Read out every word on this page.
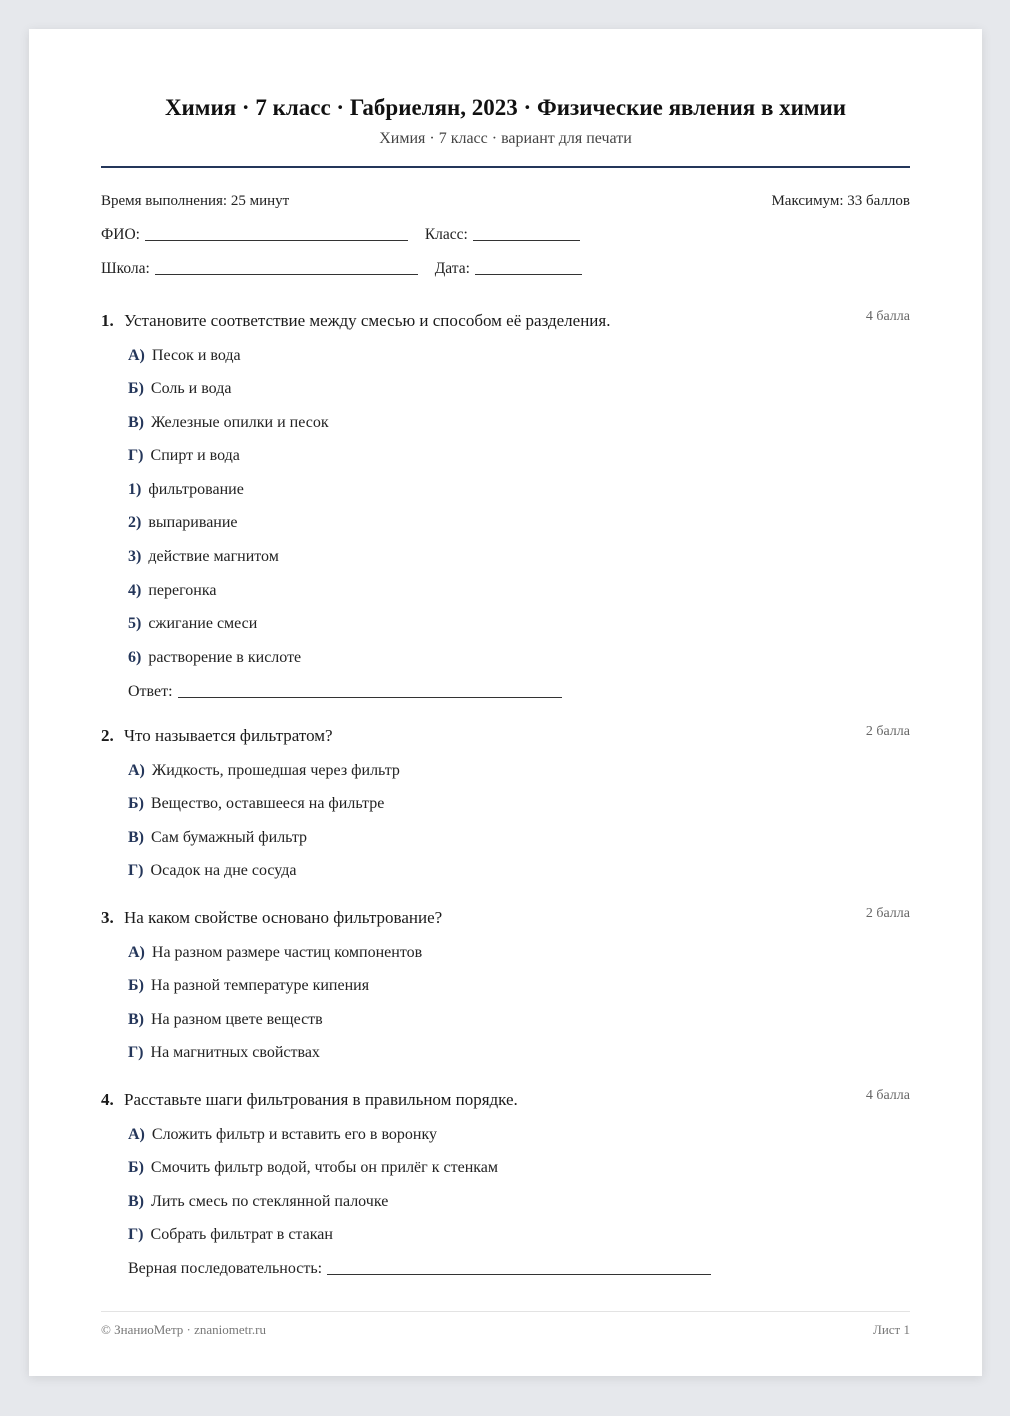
Химия · 7 класс · Габриелян, 2023 · Физические явления в химии
Химия · 7 класс · вариант для печати
Время выполнения: 25 минут	Максимум: 33 баллов
ФИО:	Класс:
Школа:	Дата:
1. Установите соответствие между смесью и способом её разделения.	4 балла
А) Песок и вода
Б) Соль и вода
В) Железные опилки и песок
Г) Спирт и вода
1) фильтрование
2) выпаривание
3) действие магнитом
4) перегонка
5) сжигание смеси
6) растворение в кислоте
Ответ:
2. Что называется фильтратом?	2 балла
А) Жидкость, прошедшая через фильтр
Б) Вещество, оставшееся на фильтре
В) Сам бумажный фильтр
Г) Осадок на дне сосуда
3. На каком свойстве основано фильтрование?	2 балла
А) На разном размере частиц компонентов
Б) На разной температуре кипения
В) На разном цвете веществ
Г) На магнитных свойствах
4. Расставьте шаги фильтрования в правильном порядке.	4 балла
А) Сложить фильтр и вставить его в воронку
Б) Смочить фильтр водой, чтобы он прилёг к стенкам
В) Лить смесь по стеклянной палочке
Г) Собрать фильтрат в стакан
Верная последовательность:
© ЗнаниоМетр · znaniometr.ru	Лист 1
